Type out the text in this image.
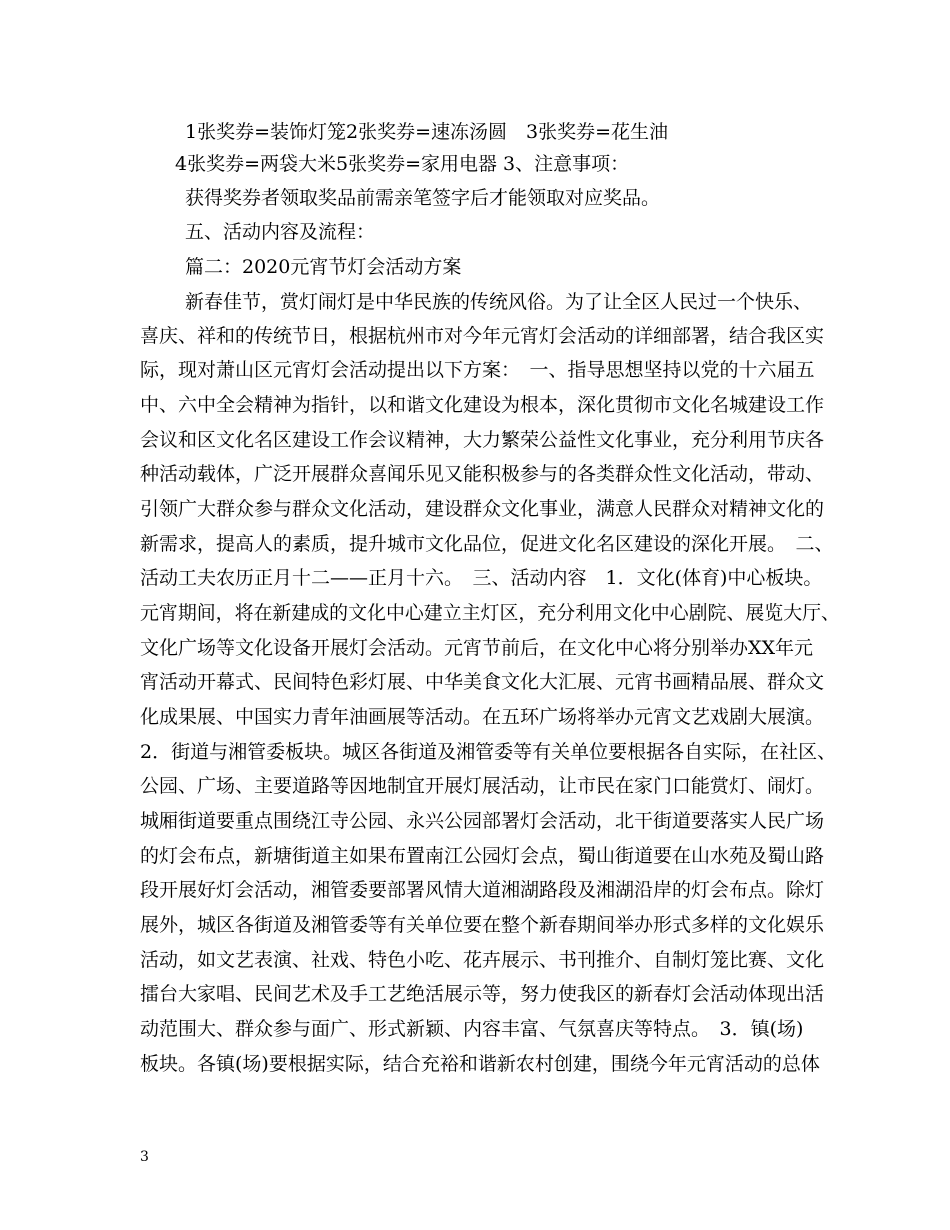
1张奖券=装饰灯笼2张奖券=速冻汤圆　3张奖券=花生油
4张奖券=两袋大米5张奖券=家用电器 3、注意事项：
获得奖券者领取奖品前需亲笔签字后才能领取对应奖品。
五、活动内容及流程：
篇二：2020元宵节灯会活动方案
新春佳节，赏灯闹灯是中华民族的传统风俗。为了让全区人民过一个快乐、
喜庆、祥和的传统节日，根据杭州市对今年元宵灯会活动的详细部署，结合我区实
际，现对萧山区元宵灯会活动提出以下方案：　一、指导思想坚持以党的十六届五
中、六中全会精神为指针，以和谐文化建设为根本，深化贯彻市文化名城建设工作
会议和区文化名区建设工作会议精神，大力繁荣公益性文化事业，充分利用节庆各
种活动载体，广泛开展群众喜闻乐见又能积极参与的各类群众性文化活动，带动、
引领广大群众参与群众文化活动，建设群众文化事业，满意人民群众对精神文化的
新需求，提高人的素质，提升城市文化品位，促进文化名区建设的深化开展。　二、
活动工夫农历正月十二——正月十六。　三、活动内容　1．文化(体育)中心板块。
元宵期间，将在新建成的文化中心建立主灯区，充分利用文化中心剧院、展览大厅、
文化广场等文化设备开展灯会活动。元宵节前后，在文化中心将分别举办XX年元
宵活动开幕式、民间特色彩灯展、中华美食文化大汇展、元宵书画精品展、群众文
化成果展、中国实力青年油画展等活动。在五环广场将举办元宵文艺戏剧大展演。
2．街道与湘管委板块。城区各街道及湘管委等有关单位要根据各自实际，在社区、
公园、广场、主要道路等因地制宜开展灯展活动，让市民在家门口能赏灯、闹灯。
城厢街道要重点围绕江寺公园、永兴公园部署灯会活动，北干街道要落实人民广场
的灯会布点，新塘街道主如果布置南江公园灯会点，蜀山街道要在山水苑及蜀山路
段开展好灯会活动，湘管委要部署风情大道湘湖路段及湘湖沿岸的灯会布点。除灯
展外，城区各街道及湘管委等有关单位要在整个新春期间举办形式多样的文化娱乐
活动，如文艺表演、社戏、特色小吃、花卉展示、书刊推介、自制灯笼比赛、文化
擂台大家唱、民间艺术及手工艺绝活展示等，努力使我区的新春灯会活动体现出活
动范围大、群众参与面广、形式新颖、内容丰富、气氛喜庆等特点。　3．镇(场)
板块。各镇(场)要根据实际，结合充裕和谐新农村创建，围绕今年元宵活动的总体
3
